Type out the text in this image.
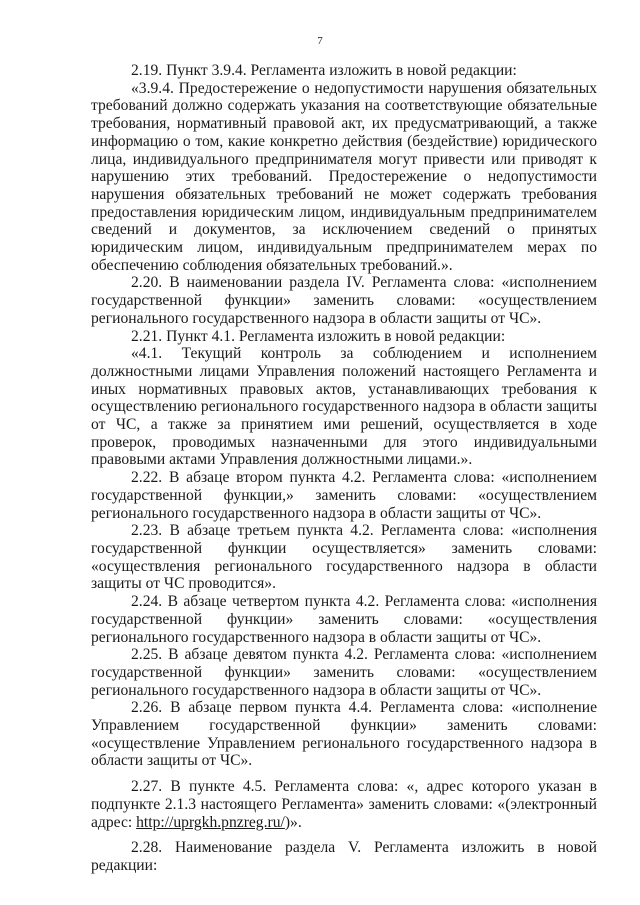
7

2.19. Пункт 3.9.4. Регламента изложить в новой редакции:

«3.9.4. Предостережение о недопустимости нарушения обязательных требований должно содержать указания на соответствующие обязательные требования, нормативный правовой акт, их предусматривающий, а также информацию о том, какие конкретно действия (бездействие) юридического лица, индивидуального предпринимателя могут привести или приводят к нарушению этих требований. Предостережение о недопустимости нарушения обязательных требований не может содержать требования предоставления юридическим лицом, индивидуальным предпринимателем сведений и документов, за исключением сведений о принятых юридическим лицом, индивидуальным предпринимателем мерах по обеспечению соблюдения обязательных требований.».

2.20. В наименовании раздела IV. Регламента слова: «исполнением государственной функции» заменить словами: «осуществлением регионального государственного надзора в области защиты от ЧС».

2.21. Пункт 4.1. Регламента изложить в новой редакции:

«4.1. Текущий контроль за соблюдением и исполнением должностными лицами Управления положений настоящего Регламента и иных нормативных правовых актов, устанавливающих требования к осуществлению регионального государственного надзора в области защиты от ЧС, а также за принятием ими решений, осуществляется в ходе проверок, проводимых назначенными для этого индивидуальными правовыми актами Управления должностными лицами.».

2.22. В абзаце втором пункта 4.2. Регламента слова: «исполнением государственной функции,» заменить словами: «осуществлением регионального государственного надзора в области защиты от ЧС».

2.23. В абзаце третьем пункта 4.2. Регламента слова: «исполнения государственной функции осуществляется» заменить словами: «осуществления регионального государственного надзора в области защиты от ЧС проводится».

2.24. В абзаце четвертом пункта 4.2. Регламента слова: «исполнения государственной функции» заменить словами: «осуществления регионального государственного надзора в области защиты от ЧС».

2.25. В абзаце девятом пункта 4.2. Регламента слова: «исполнением государственной функции» заменить словами: «осуществлением регионального государственного надзора в области защиты от ЧС».

2.26. В абзаце первом пункта 4.4. Регламента слова: «исполнение Управлением государственной функции» заменить словами: «осуществление Управлением регионального государственного надзора в области защиты от ЧС».

2.27. В пункте 4.5. Регламента слова: «, адрес которого указан в подпункте 2.1.3 настоящего Регламента» заменить словами: «(электронный адрес: http://uprgkh.pnzreg.ru/)».

2.28. Наименование раздела V. Регламента изложить в новой редакции:
